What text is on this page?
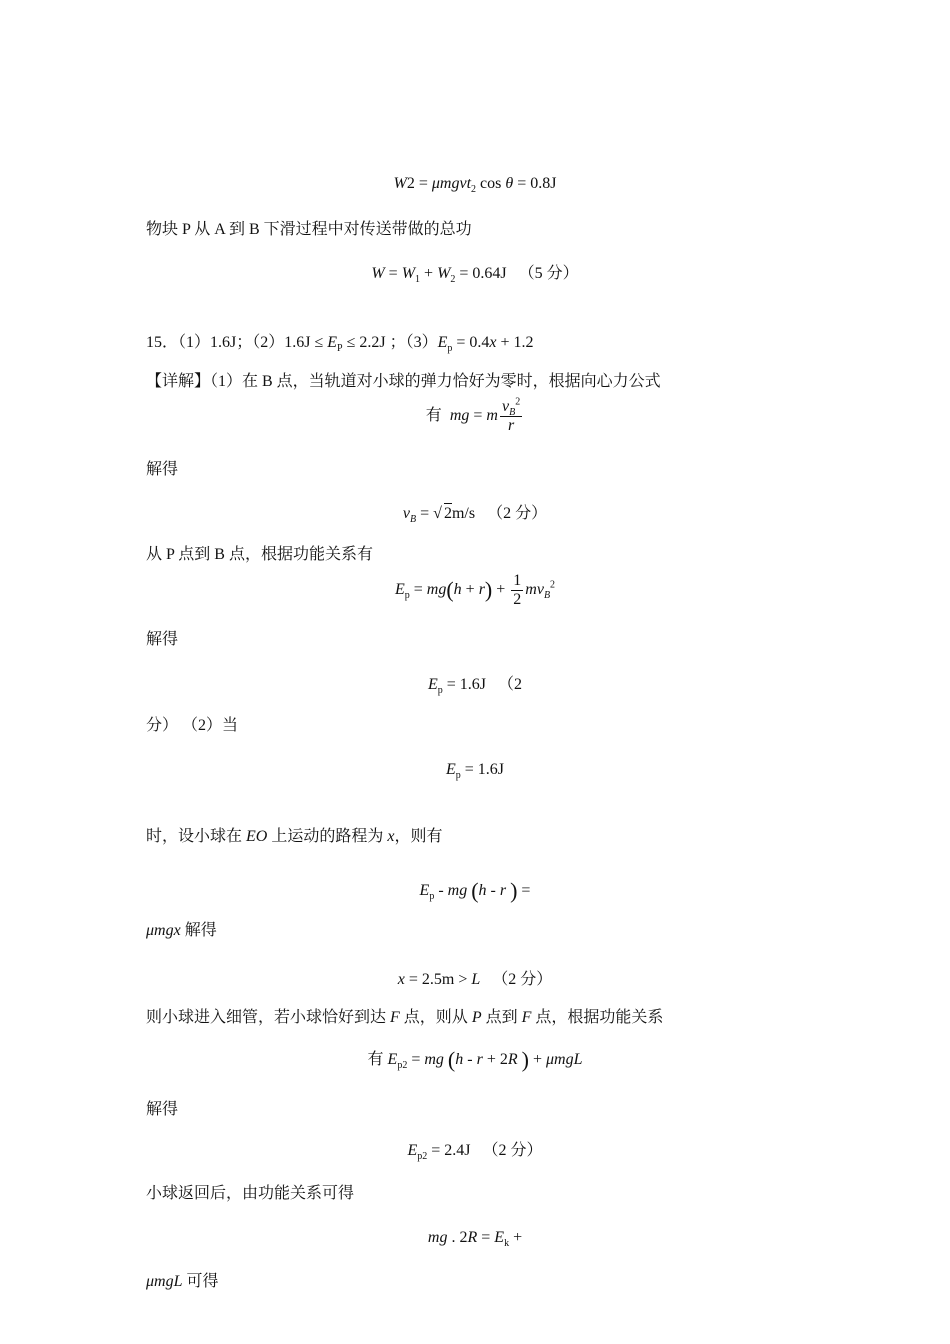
W2 = μmgvt$_2$ cos θ = 0.8J
物块 P 从 A 到 B 下滑过程中对传送带做的总功
$W = W_1 + W_2 = 0.64J$   （5 分）
15．（1）1.6J；$(2)1.6J \le E_P \le 2.2J$ ；$(3)E_p = 0.4x + 1.2$
【详解】（1）在 B 点，当轨道对小球的弹力恰好为零时，根据向心力公式
有 mg = m $\frac{v_B^2}{r}$
解得
$v_B$ = √ 2m/s   （2 分）
从 P 点到 B 点，根据功能关系有
$E_p = mg(h + r) + \frac{1}{2} mv_B^2$
解得
$E_p = 1.6J$   （2
分） （2）当
$E_p = 1.6J$
时，设小球在 EO 上运动的路程为 x，则有
$E_p$ - mg (h - r ) =
μmgx 解得
x = 2.5m > L （2 分）
则小球进入细管，若小球恰好到达 F 点，则从 P 点到 F 点，根据功能关系
有 $E_{p2}$ = mg (h - r + 2R ) + μmgL
解得
$E_{p2} = 2.4J$   （2 分）
小球返回后，由功能关系可得
mg . $2R = E_k$ +
μmgL 可得
